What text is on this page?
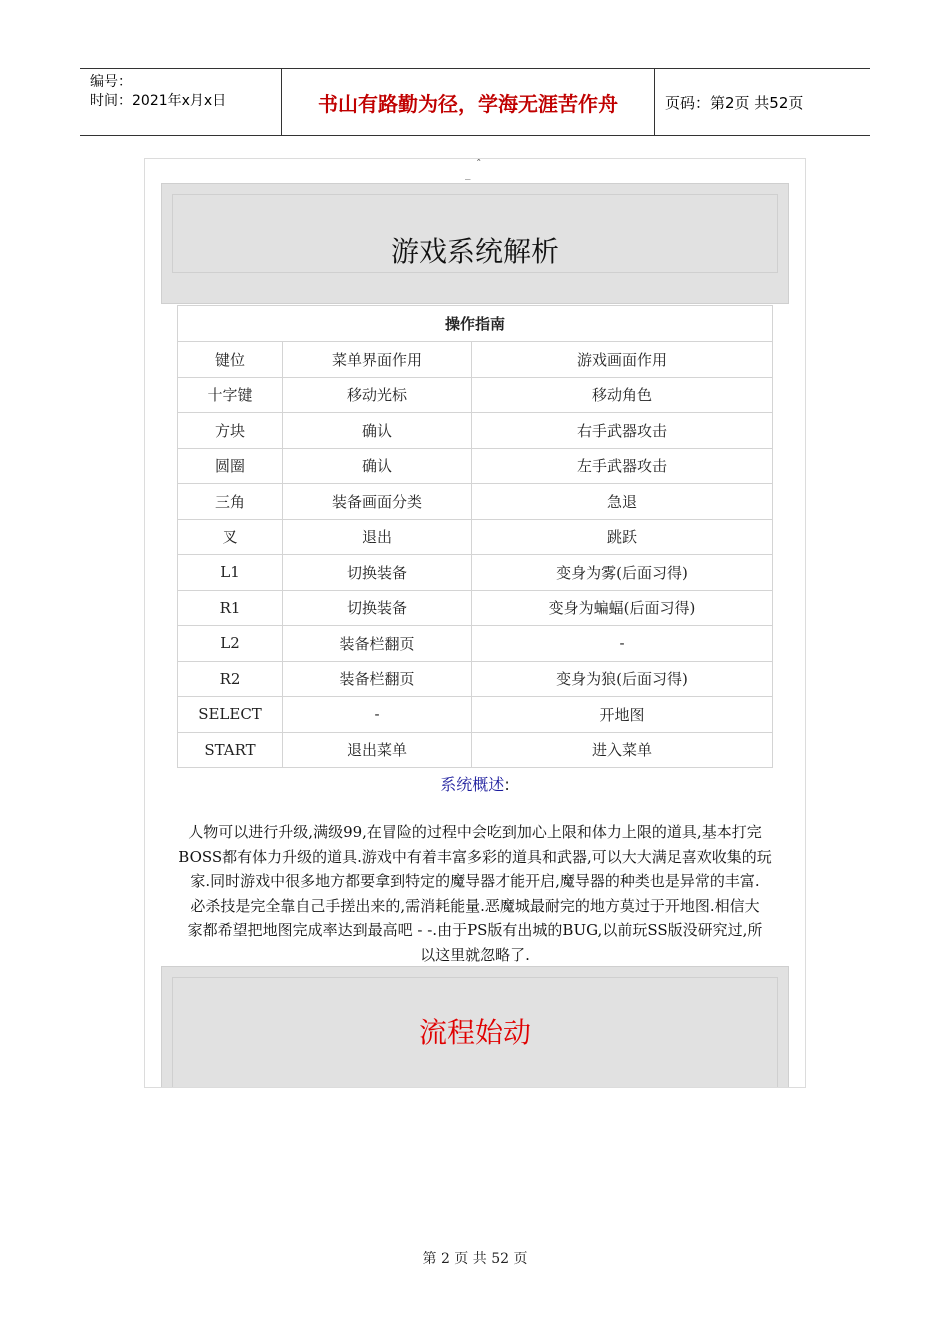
编号：
时间：2021年x月x日	书山有路勤为径，学海无涯苦作舟	页码：第2页 共52页
ˆ
_
游戏系统解析
操作指南		
键位	菜单界面作用	游戏画面作用
十字键	移动光标	移动角色
方块	确认	右手武器攻击
圆圈	确认	左手武器攻击
三角	装备画面分类	急退
叉	退出	跳跃
L1	切换装备	变身为雾(后面习得)
R1	切换装备	变身为蝙蝠(后面习得)
L2	装备栏翻页	-
R2	装备栏翻页	变身为狼(后面习得)
SELECT	-	开地图
START	退出菜单	进入菜单
系统概述:
人物可以进行升级,满级99,在冒险的过程中会吃到加心上限和体力上限的道具,基本打完
BOSS都有体力升级的道具.游戏中有着丰富多彩的道具和武器,可以大大满足喜欢收集的玩
家.同时游戏中很多地方都要拿到特定的魔导器才能开启,魔导器的种类也是异常的丰富.
必杀技是完全靠自己手搓出来的,需消耗能量.恶魔城最耐完的地方莫过于开地图.相信大
家都希望把地图完成率达到最高吧 - -.由于PS版有出城的BUG,以前玩SS版没研究过,所
以这里就忽略了.
流程始动
第 2 页 共 52 页
